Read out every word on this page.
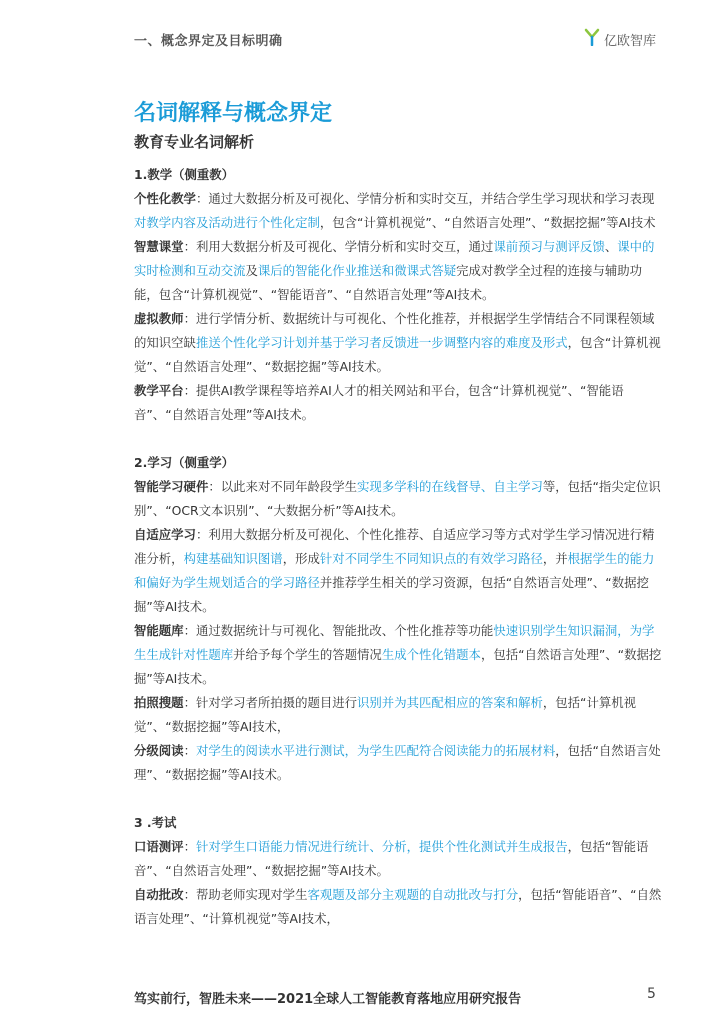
一、概念界定及目标明确	亿欧智库
名词解释与概念界定
教育专业名词解析

1.教学（侧重教）

个性化教学：通过大数据分析及可视化、学情分析和实时交互，并结合学生学习现状和学习表现对教学内容及活动进行个性化定制，包含“计算机视觉”、“自然语言处理”、“数据挖掘”等AI技术

智慧课堂：利用大数据分析及可视化、学情分析和实时交互，通过课前预习与测评反馈、课中的实时检测和互动交流及课后的智能化作业推送和微课式答疑完成对教学全过程的连接与辅助功能，包含“计算机视觉”、“智能语音”、“自然语言处理”等AI技术。

虚拟教师：进行学情分析、数据统计与可视化、个性化推荐，并根据学生学情结合不同课程领域的知识空缺推送个性化学习计划并基于学习者反馈进一步调整内容的难度及形式，包含“计算机视觉”、“自然语言处理”、“数据挖掘”等AI技术。

教学平台：提供AI教学课程等培养AI人才的相关网站和平台，包含“计算机视觉”、“智能语音”、“自然语言处理”等AI技术。

2.学习（侧重学）

智能学习硬件：以此来对不同年龄段学生实现多学科的在线督导、自主学习等，包括“指尖定位识别”、“OCR文本识别”、“大数据分析”等AI技术。

自适应学习：利用大数据分析及可视化、个性化推荐、自适应学习等方式对学生学习情况进行精准分析，构建基础知识图谱，形成针对不同学生不同知识点的有效学习路径，并根据学生的能力和偏好为学生规划适合的学习路径并推荐学生相关的学习资源，包括“自然语言处理”、“数据挖掘”等AI技术。

智能题库：通过数据统计与可视化、智能批改、个性化推荐等功能快速识别学生知识漏洞，为学生生成针对性题库并给予每个学生的答题情况生成个性化错题本，包括“自然语言处理”、“数据挖掘”等AI技术。

拍照搜题：针对学习者所拍摄的题目进行识别并为其匹配相应的答案和解析，包括“计算机视觉”、“数据挖掘”等AI技术，

分级阅读：对学生的阅读水平进行测试，为学生匹配符合阅读能力的拓展材料，包括“自然语言处理”、“数据挖掘”等AI技术。

3 .考试

口语测评：针对学生口语能力情况进行统计、分析，提供个性化测试并生成报告，包括“智能语音”、“自然语言处理”、“数据挖掘”等AI技术。

自动批改：帮助老师实现对学生客观题及部分主观题的自动批改与打分，包括“智能语音”、“自然语言处理”、“计算机视觉”等AI技术，

笃实前行，智胜未来——2021全球人工智能教育落地应用研究报告	5
